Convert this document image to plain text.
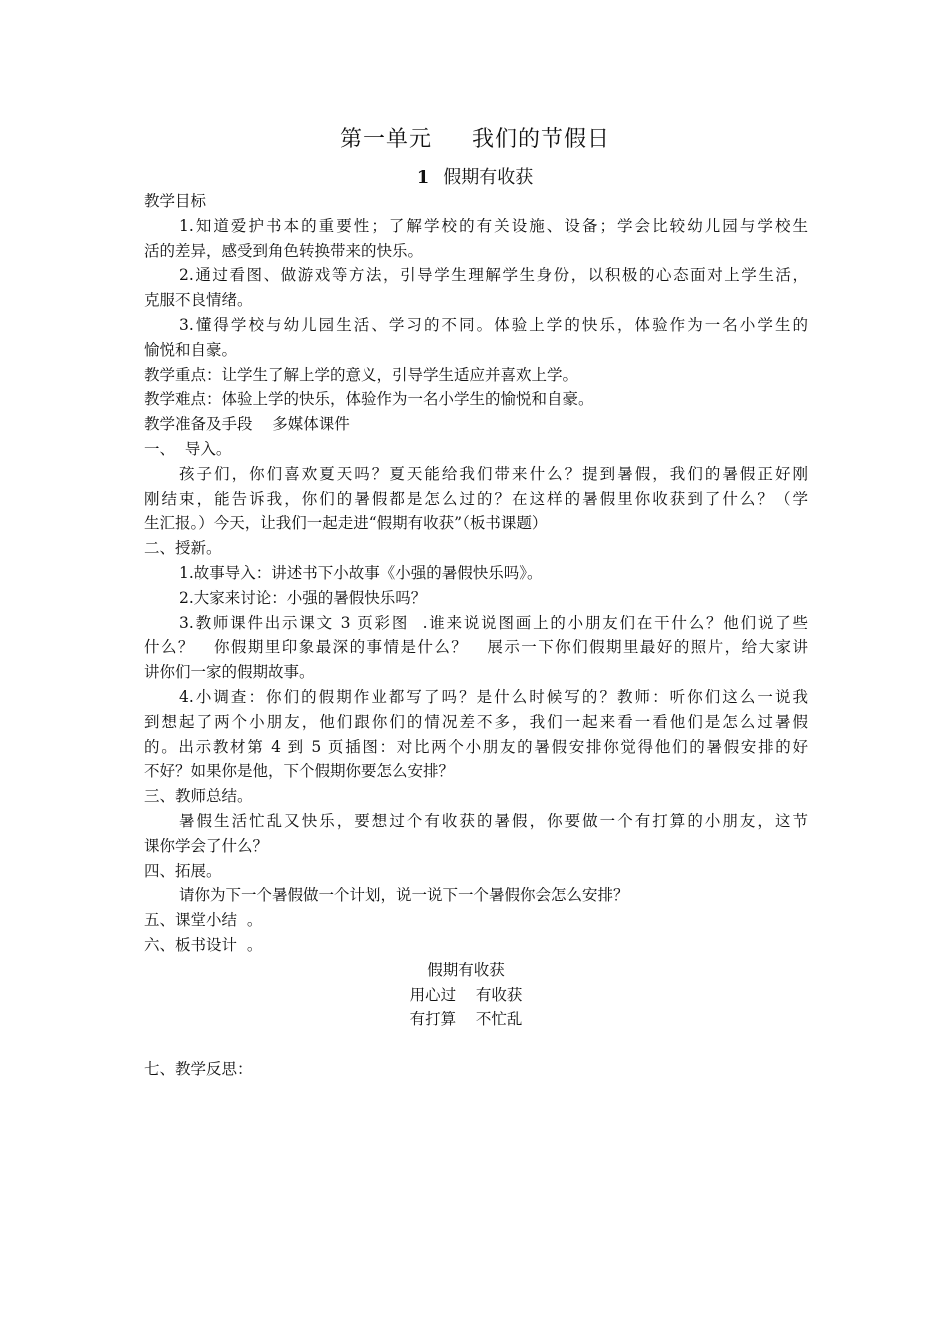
第一单元     我们的节假日
1 假期有收获
教学目标
1.知道爱护书本的重要性；了解学校的有关设施、设备；学会比较幼儿园与学校生
活的差异，感受到角色转换带来的快乐。
2.通过看图、做游戏等方法，引导学生理解学生身份，以积极的心态面对上学生活，
克服不良情绪。
3.懂得学校与幼儿园生活、学习的不同。体验上学的快乐，体验作为一名小学生的
愉悦和自豪。
教学重点：让学生了解上学的意义，引导学生适应并喜欢上学。
教学难点：体验上学的快乐，体验作为一名小学生的愉悦和自豪。
教学准备及手段    多媒体课件
一、  导入。
孩子们，你们喜欢夏天吗？夏天能给我们带来什么？提到暑假，我们的暑假正好刚
刚结束，能告诉我，你们的暑假都是怎么过的？在这样的暑假里你收获到了什么？（学
生汇报。）今天，让我们一起走进“假期有收获”（板书课题）
二、授新。
1.故事导入：讲述书下小故事《小强的暑假快乐吗》。
2.大家来讨论：小强的暑假快乐吗？
3.教师课件出示课文 3 页彩图  .谁来说说图画上的小朋友们在干什么？他们说了些
什么？   你假期里印象最深的事情是什么？   展示一下你们假期里最好的照片，给大家讲
讲你们一家的假期故事。
4.小调查：你们的假期作业都写了吗？是什么时候写的？教师：听你们这么一说我
到想起了两个小朋友，他们跟你们的情况差不多，我们一起来看一看他们是怎么过暑假
的。出示教材第 4 到 5 页插图：对比两个小朋友的暑假安排你觉得他们的暑假安排的好
不好？如果你是他，下个假期你要怎么安排？
三、教师总结。
暑假生活忙乱又快乐，要想过个有收获的暑假，你要做一个有打算的小朋友，这节
课你学会了什么？
四、拓展。
请你为下一个暑假做一个计划，说一说下一个暑假你会怎么安排？
五、课堂小结  。
六、板书设计  。
假期有收获
用心过    有收获
有打算    不忙乱
七、教学反思：
